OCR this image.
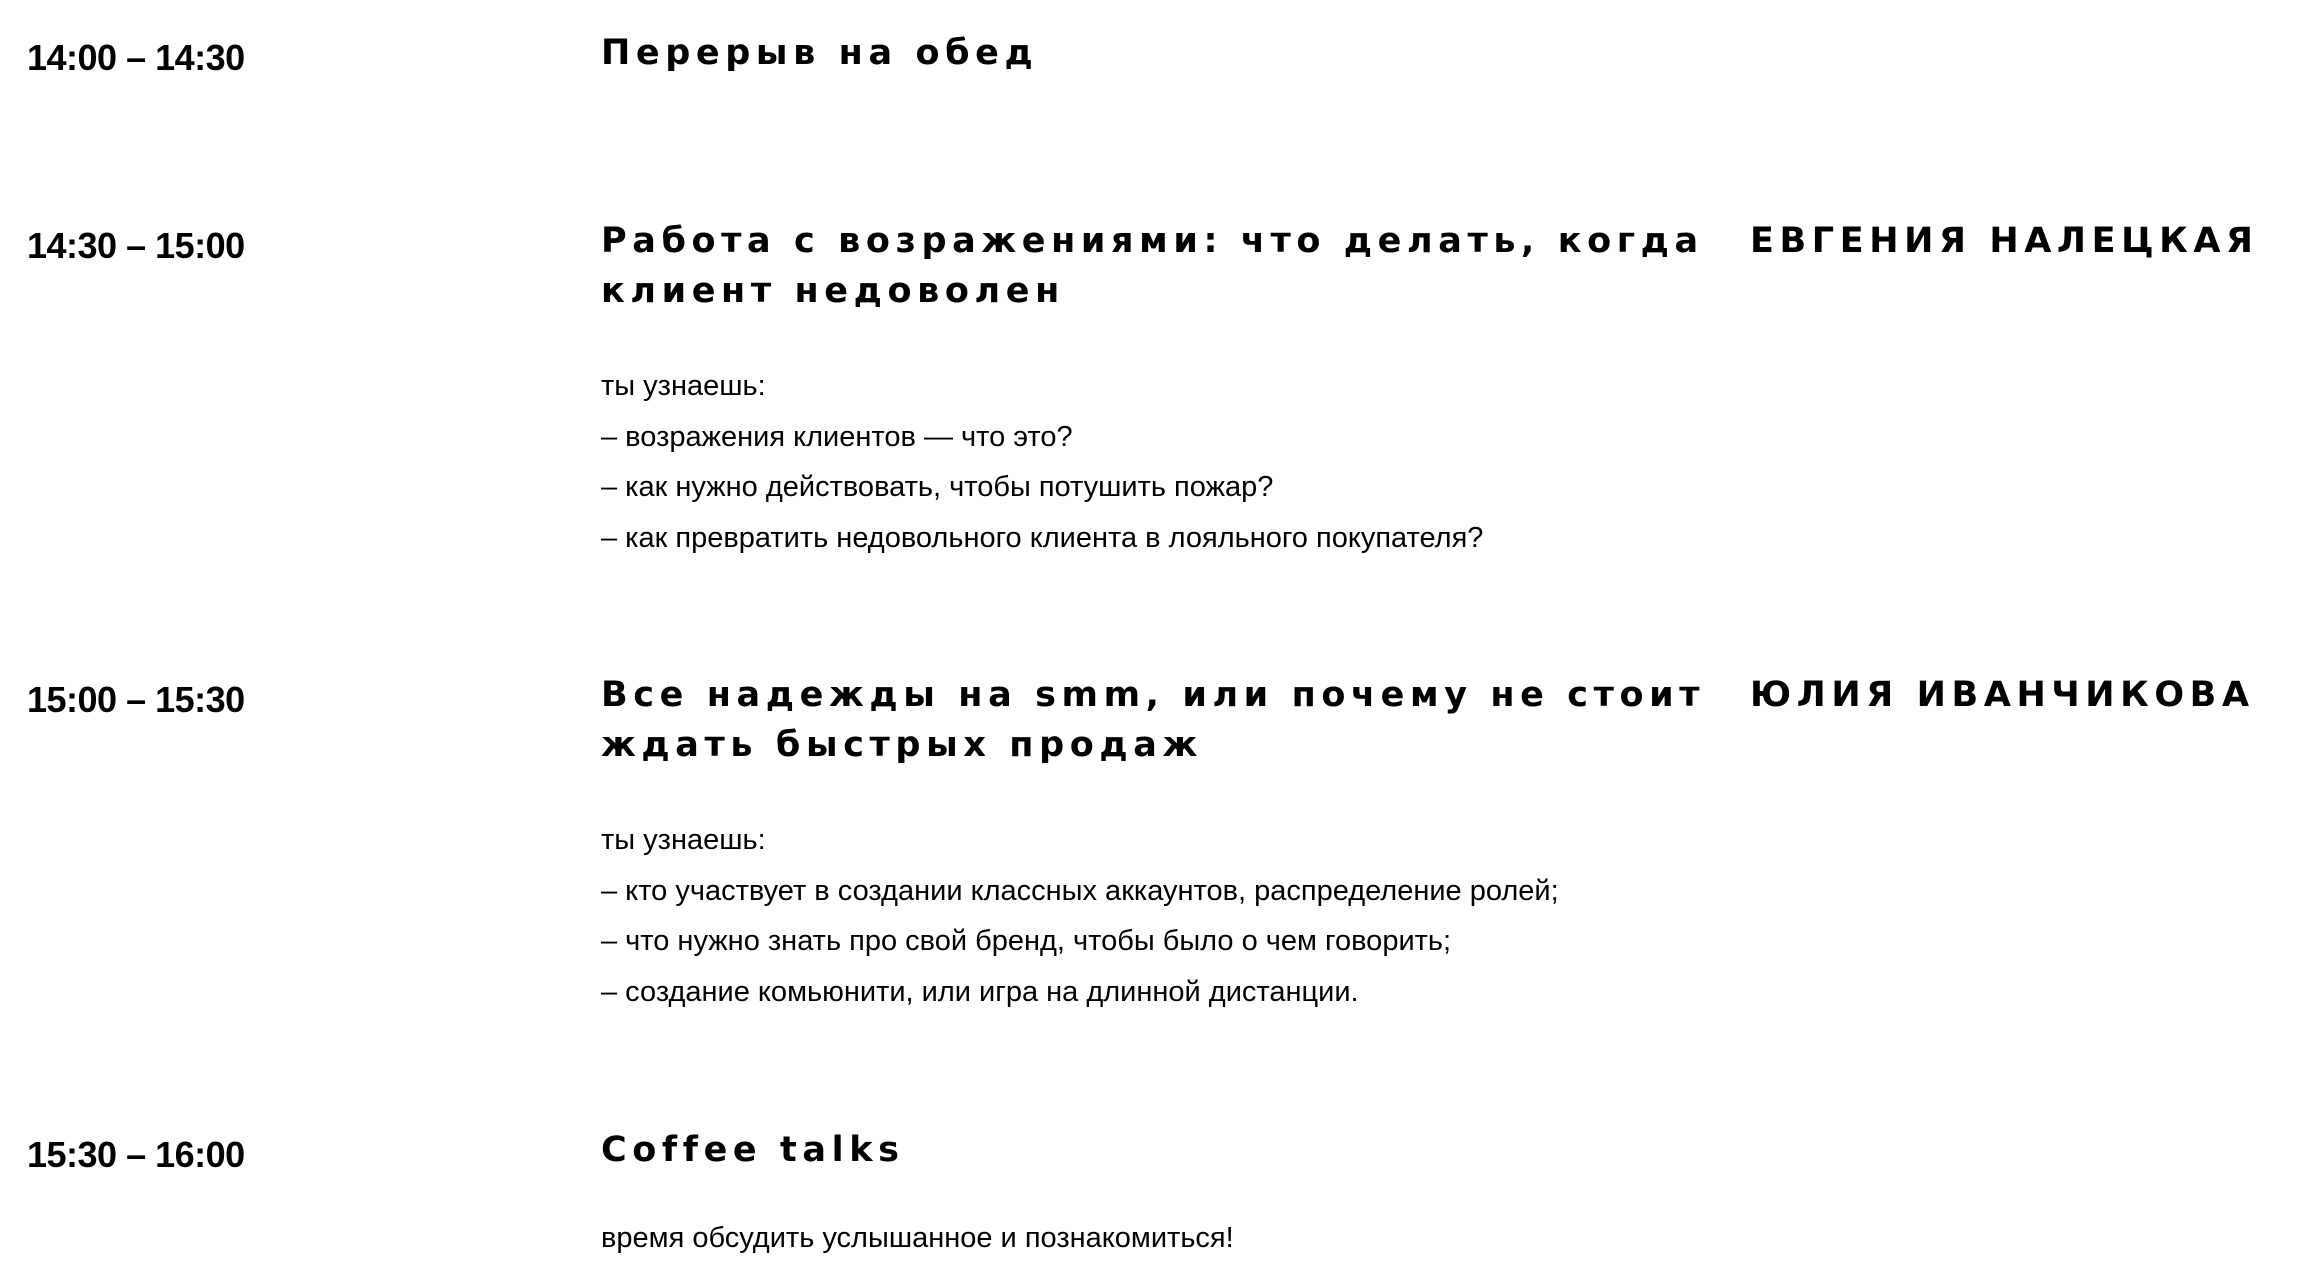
14:00 – 14:30	Перерыв на обед
14:30 – 15:00	Работа с возражениями: что делать, когда
клиент недоволен
ЕВГЕНИЯ НАЛЕЦКАЯ
ты узнаешь:
– возражения клиентов — что это?
– как нужно действовать, чтобы потушить пожар?
– как превратить недовольного клиента в лояльного покупателя?
15:00 – 15:30	Все надежды на smm, или почему не стоит
ждать быстрых продаж
ЮЛИЯ ИВАНЧИКОВА
ты узнаешь:
– кто участвует в создании классных аккаунтов, распределение ролей;
– что нужно знать про свой бренд, чтобы было о чем говорить;
– создание комьюнити, или игра на длинной дистанции.
15:30 – 16:00	Coffee talks
время обсудить услышанное и познакомиться!
